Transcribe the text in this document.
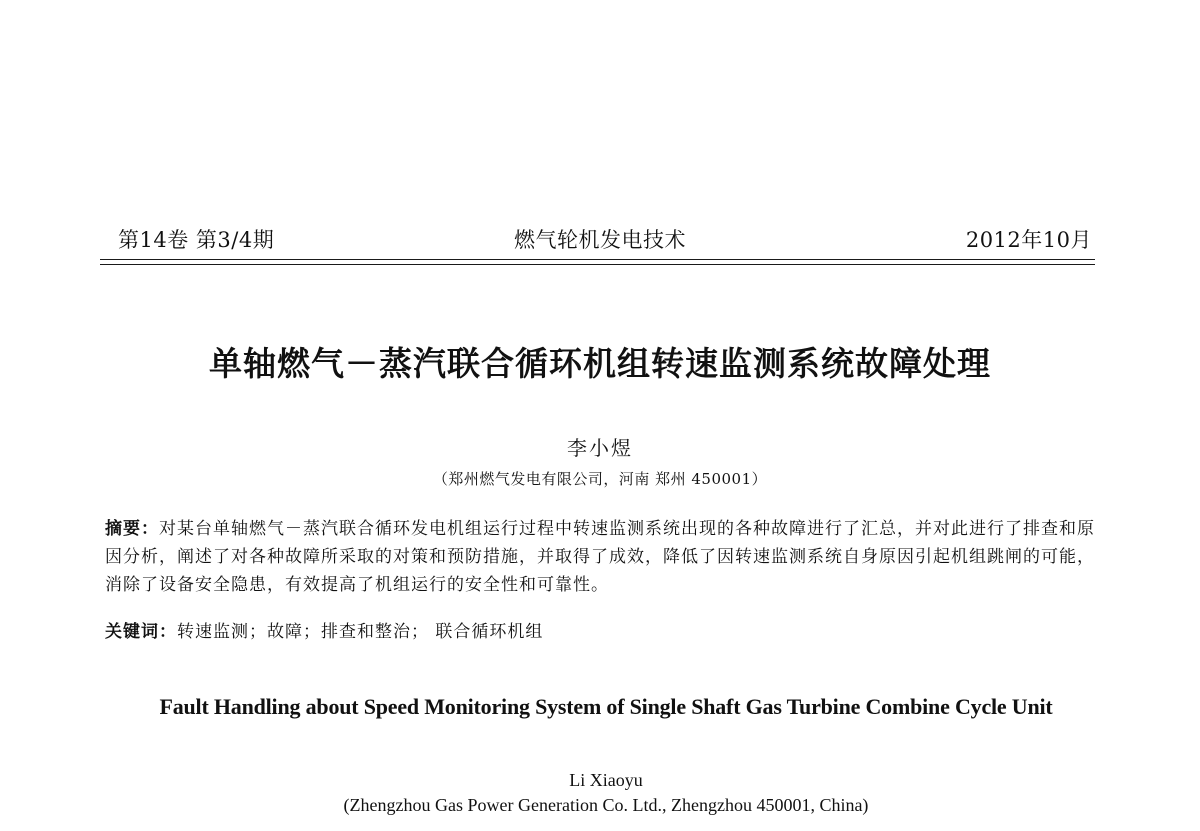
第14卷 第3/4期	燃气轮机发电技术	2012年10月
单轴燃气－蒸汽联合循环机组转速监测系统故障处理
李小煜
（郑州燃气发电有限公司，河南 郑州 450001）
摘要：对某台单轴燃气－蒸汽联合循环发电机组运行过程中转速监测系统出现的各种故障进行了汇总，并对此进行了排查和原因分析，阐述了对各种故障所采取的对策和预防措施，并取得了成效，降低了因转速监测系统自身原因引起机组跳闸的可能，消除了设备安全隐患，有效提高了机组运行的安全性和可靠性。
关键词：转速监测；故障；排查和整治； 联合循环机组
Fault Handling about Speed Monitoring System of Single Shaft Gas Turbine Combine Cycle Unit
Li Xiaoyu
(Zhengzhou Gas Power Generation Co. Ltd., Zhengzhou 450001, China)
